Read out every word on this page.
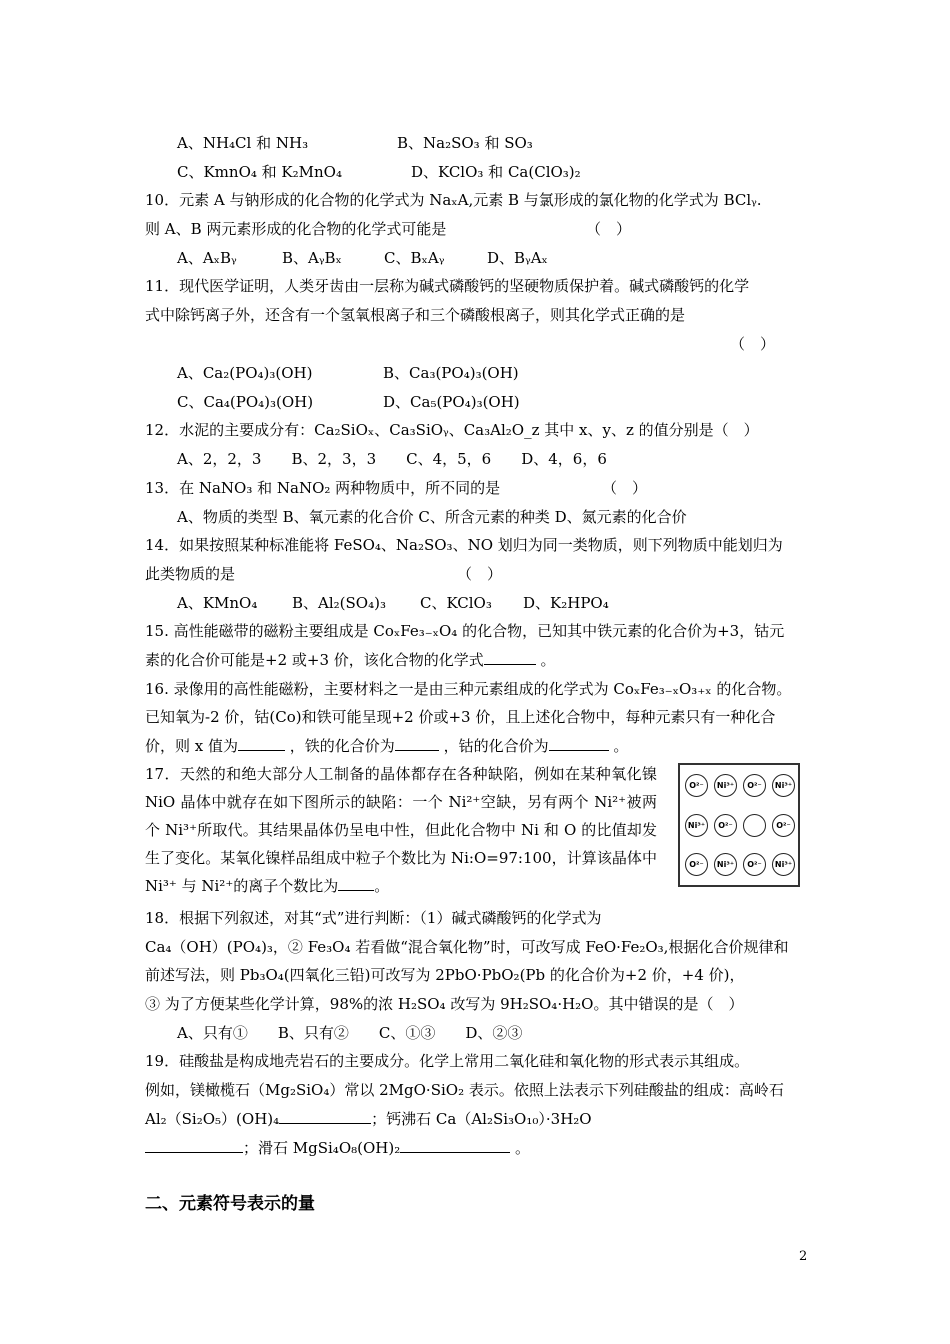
A、NH₄Cl 和 NH₃	B、Na₂SO₃ 和 SO₃
C、KmnO₄ 和 K₂MnO₄	D、KClO₃ 和 Ca(ClO₃)₂
10．元素 A 与钠形成的化合物的化学式为 NaₓA,元素 B 与氯形成的氯化物的化学式为 BClᵧ.
则 A、B 两元素形成的化合物的化学式可能是	（　）
A、AₓBᵧ	B、AᵧBₓ	C、BₓAᵧ	D、BᵧAₓ
11．现代医学证明，人类牙齿由一层称为碱式磷酸钙的坚硬物质保护着。碱式磷酸钙的化学
式中除钙离子外，还含有一个氢氧根离子和三个磷酸根离子，则其化学式正确的是
（　）
A、Ca₂(PO₄)₃(OH)	B、Ca₃(PO₄)₃(OH)
C、Ca₄(PO₄)₃(OH)	D、Ca₅(PO₄)₃(OH)
12．水泥的主要成分有：Ca₂SiOₓ、Ca₃SiOᵧ、Ca₃Al₂O_z 其中 x、y、z 的值分别是（　）
A、2，2，3　　B、2，3，3　　C、4，5，6　　D、4，6，6
13．在 NaNO₃ 和 NaNO₂ 两种物质中，所不同的是	（　）
A、物质的类型 B、氧元素的化合价 C、所含元素的种类 D、氮元素的化合价
14．如果按照某种标准能将 FeSO₄、Na₂SO₃、NO 划归为同一类物质，则下列物质中能划归为
此类物质的是	（　）
A、KMnO₄ B、Al₂(SO₄)₃ C、KClO₃ D、K₂HPO₄
15. 高性能磁带的磁粉主要组成是 CoₓFe₃₋ₓO₄ 的化合物，已知其中铁元素的化合价为+3，钴元
素的化合价可能是+2 或+3 价，该化合物的化学式	。
16. 录像用的高性能磁粉，主要材料之一是由三种元素组成的化学式为 CoₓFe₃₋ₓO₃₊ₓ 的化合物。
已知氧为-2 价，钴(Co)和铁可能呈现+2 价或+3 价，且上述化合物中，每种元素只有一种化合
价，则 x 值为	，铁的化合价为	，钴的化合价为	。
17．天然的和绝大部分人工制备的晶体都存在各种缺陷，例如在某种氧化镍 NiO 晶体中就存在如下图所示的缺陷：一个 Ni²⁺空缺，另有两个 Ni²⁺被两个 Ni³⁺所取代。其结果晶体仍呈电中性，但此化合物中 Ni 和 O 的比值却发生了变化。某氧化镍样品组成中粒子个数比为 Ni:O=97:100，计算该晶体中 Ni³⁺ 与 Ni²⁺的离子个数比为 。
O²⁻	Ni³⁺	O²⁻	Ni³⁺
Ni³⁺	O²⁻	O²⁻
O²⁻	Ni³⁺	O²⁻	Ni³⁺
18．根据下列叙述，对其“式”进行判断：（1）碱式磷酸钙的化学式为
Ca₄（OH）(PO₄)₃，② Fe₃O₄ 若看做“混合氧化物”时，可改写成 FeO·Fe₂O₃,根据化合价规律和
前述写法，则 Pb₃O₄(四氧化三铅)可改写为 2PbO·PbO₂(Pb 的化合价为+2 价，+4 价)，
③ 为了方便某些化学计算，98%的浓 H₂SO₄ 改写为 9H₂SO₄·H₂O。其中错误的是（　）
A、只有①　　B、只有②　　C、①③　　D、②③
19．硅酸盐是构成地壳岩石的主要成分。化学上常用二氧化硅和氧化物的形式表示其组成。
例如，镁橄榄石（Mg₂SiO₄）常以 2MgO·SiO₂ 表示。依照上法表示下列硅酸盐的组成：高岭石
Al₂（Si₂O₅）(OH)₄	；钙沸石 Ca（Al₂Si₃O₁₀）·3H₂O
；滑石 MgSi₄O₈(OH)₂	。
二、元素符号表示的量
2
